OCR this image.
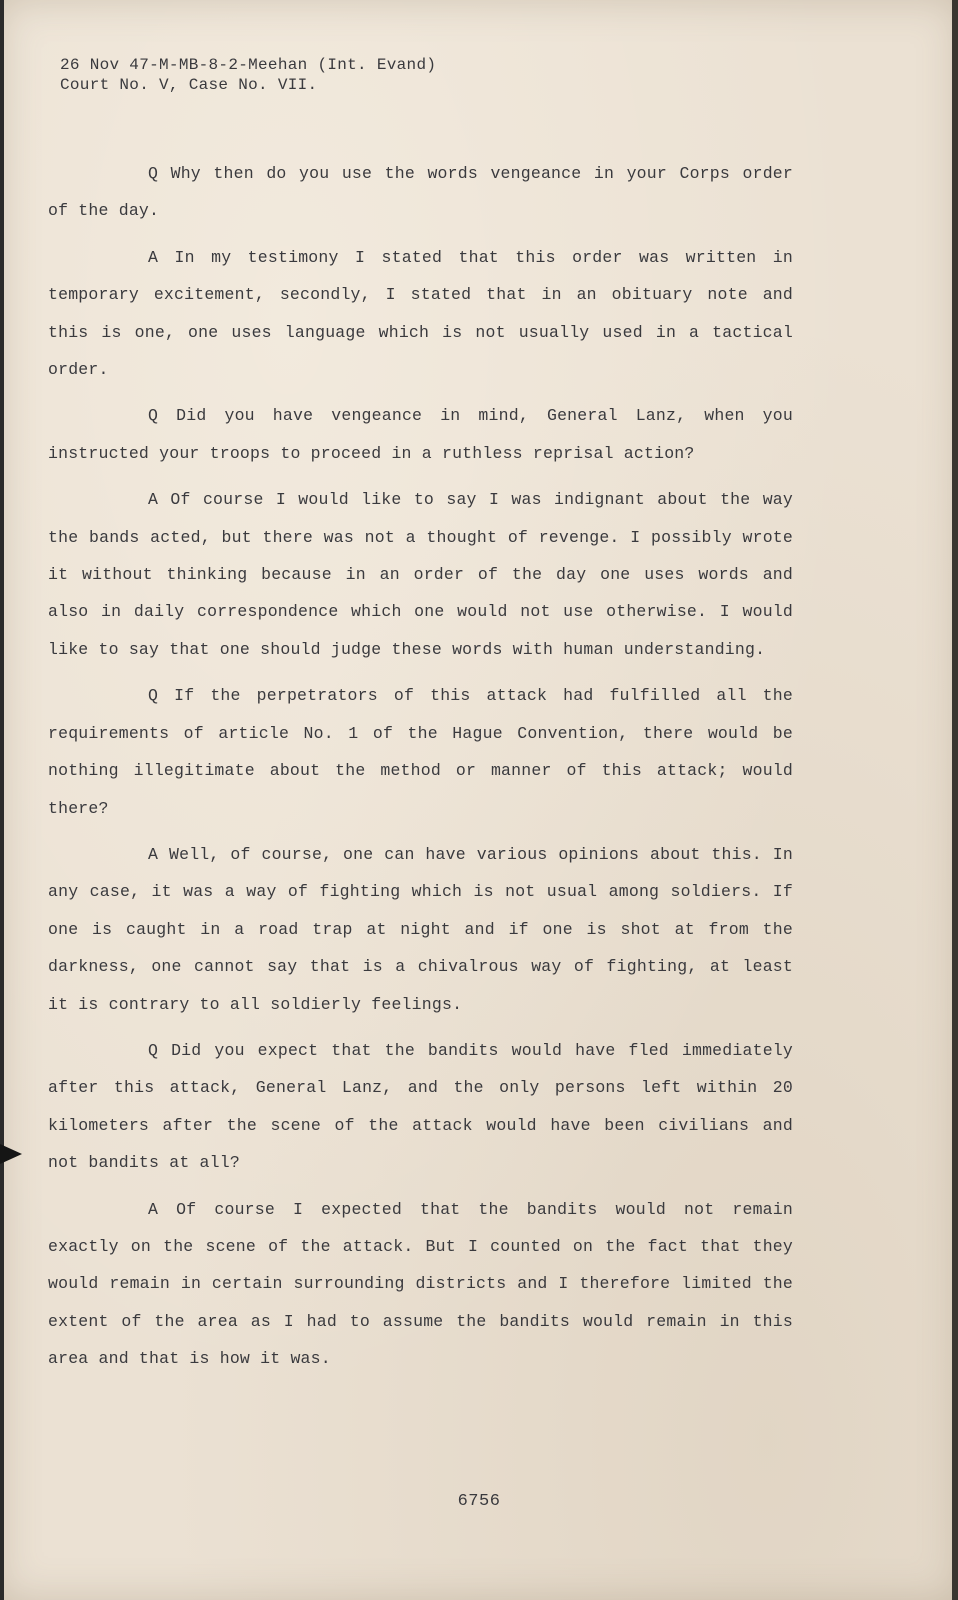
26 Nov 47-M-MB-8-2-Meehan (Int. Evand)
Court No. V, Case No. VII.

Q Why then do you use the words vengeance in your Corps order of the day.

A In my testimony I stated that this order was written in temporary excitement, secondly, I stated that in an obituary note and this is one, one uses language which is not usually used in a tactical order.

Q Did you have vengeance in mind, General Lanz, when you instructed your troops to proceed in a ruthless reprisal action?

A Of course I would like to say I was indignant about the way the bands acted, but there was not a thought of revenge. I possibly wrote it without thinking because in an order of the day one uses words and also in daily correspondence which one would not use otherwise. I would like to say that one should judge these words with human understanding.

Q If the perpetrators of this attack had fulfilled all the requirements of article No. 1 of the Hague Convention, there would be nothing illegitimate about the method or manner of this attack; would there?

A Well, of course, one can have various opinions about this. In any case, it was a way of fighting which is not usual among soldiers. If one is caught in a road trap at night and if one is shot at from the darkness, one cannot say that is a chivalrous way of fighting, at least it is contrary to all soldierly feelings.

Q Did you expect that the bandits would have fled immediately after this attack, General Lanz, and the only persons left within 20 kilometers after the scene of the attack would have been civilians and not bandits at all?

A Of course I expected that the bandits would not remain exactly on the scene of the attack. But I counted on the fact that they would remain in certain surrounding districts and I therefore limited the extent of the area as I had to assume the bandits would remain in this area and that is how it was.

6756
